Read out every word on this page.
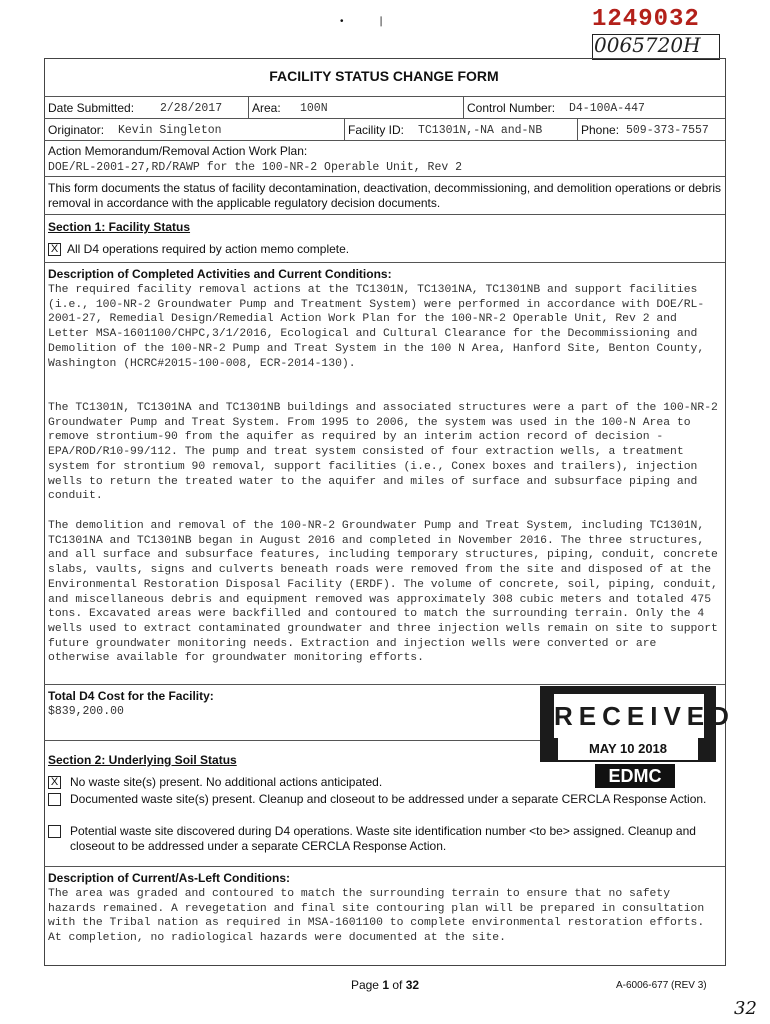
•            ❘	1249032
0065720H
FACILITY STATUS CHANGE FORM
Date Submitted: 2/28/2017 Area: 100N	Control Number: D4-100A-447
Originator: Kevin Singleton	Facility ID: TC1301N,-NA and-NB	Phone: 509-373-7557
Action Memorandum/Removal Action Work Plan:
DOE/RL-2001-27,RD/RAWP for the 100-NR-2 Operable Unit, Rev 2
This form documents the status of facility decontamination, deactivation, decommissioning, and demolition operations or debris removal in accordance with the applicable regulatory decision documents.
Section 1: Facility Status
X All D4 operations required by action memo complete.
Description of Completed Activities and Current Conditions:
The required facility removal actions at the TC1301N, TC1301NA, TC1301NB and support facilities (i.e., 100-NR-2 Groundwater Pump and Treatment System) were performed in accordance with DOE/RL-2001-27, Remedial Design/Remedial Action Work Plan for the 100-NR-2 Operable Unit, Rev 2 and Letter MSA-1601100/CHPC,3/1/2016, Ecological and Cultural Clearance for the Decommissioning and Demolition of the 100-NR-2 Pump and Treat System in the 100 N Area, Hanford Site, Benton County, Washington (HCRC#2015-100-008, ECR-2014-130).
The TC1301N, TC1301NA and TC1301NB buildings and associated structures were a part of the 100-NR-2 Groundwater Pump and Treat System. From 1995 to 2006, the system was used in the 100-N Area to remove strontium-90 from the aquifer as required by an interim action record of decision - EPA/ROD/R10-99/112. The pump and treat system consisted of four extraction wells, a treatment system for strontium 90 removal, support facilities (i.e., Conex boxes and trailers), injection wells to return the treated water to the aquifer and miles of surface and subsurface piping and conduit.
The demolition and removal of the 100-NR-2 Groundwater Pump and Treat System, including TC1301N, TC1301NA and TC1301NB began in August 2016 and completed in November 2016. The three structures, and all surface and subsurface features, including temporary structures, piping, conduit, concrete slabs, vaults, signs and culverts beneath roads were removed from the site and disposed of at the Environmental Restoration Disposal Facility (ERDF). The volume of concrete, soil, piping, conduit, and miscellaneous debris and equipment removed was approximately 308 cubic meters and totaled 475 tons. Excavated areas were backfilled and contoured to match the surrounding terrain. Only the 4 wells used to extract contaminated groundwater and three injection wells remain on site to support future groundwater monitoring needs. Extraction and injection wells were converted or are otherwise available for groundwater monitoring efforts.
Total D4 Cost for the Facility:
$839,200.00	RECEIVED
MAY 10 2018
EDMC
Section 2: Underlying Soil Status
X No waste site(s) present. No additional actions anticipated.
Documented waste site(s) present. Cleanup and closeout to be addressed under a separate CERCLA Response Action.
Potential waste site discovered during D4 operations. Waste site identification number <to be> assigned. Cleanup and closeout to be addressed under a separate CERCLA Response Action.
Description of Current/As-Left Conditions:
The area was graded and contoured to match the surrounding terrain to ensure that no safety hazards remained. A revegetation and final site contouring plan will be prepared in consultation with the Tribal nation as required in MSA-1601100 to complete environmental restoration efforts. At completion, no radiological hazards were documented at the site.
Page 1 of 32	A-6006-677 (REV 3)
32
